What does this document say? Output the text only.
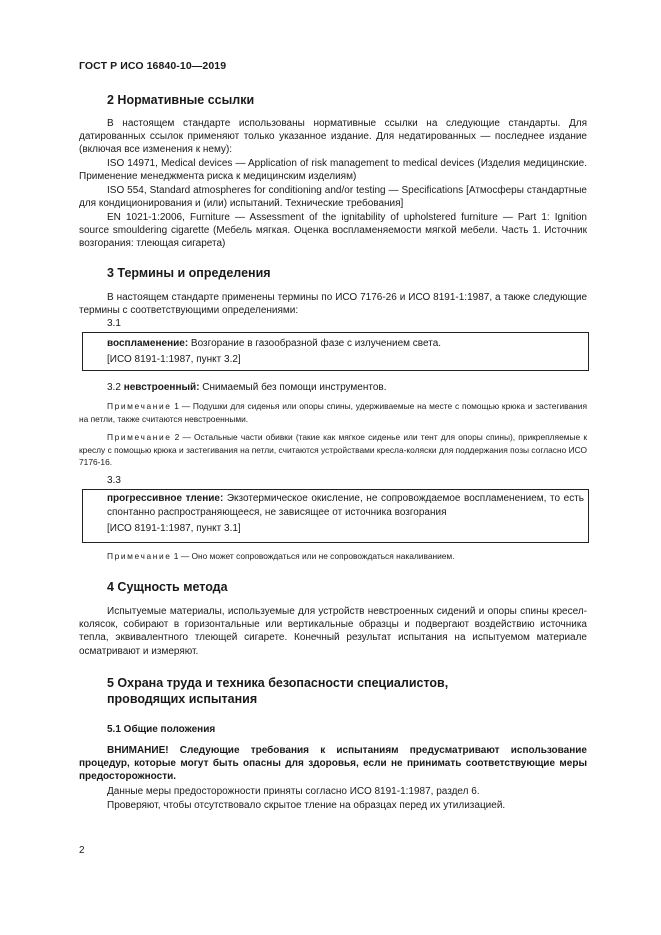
ГОСТ Р ИСО 16840-10—2019
2 Нормативные ссылки
В настоящем стандарте использованы нормативные ссылки на следующие стандарты. Для датированных ссылок применяют только указанное издание. Для недатированных — последнее издание (включая все изменения к нему):
ISO 14971, Medical devices — Application of risk management to medical devices (Изделия медицинские. Применение менеджмента риска к медицинским изделиям)
ISO 554, Standard atmospheres for conditioning and/or testing — Specifications [Атмосферы стандартные для кондиционирования и (или) испытаний. Технические требования]
EN 1021-1:2006, Furniture — Assessment of the ignitability of upholstered furniture — Part 1: Ignition source smouldering cigarette (Мебель мягкая. Оценка воспламеняемости мягкой мебели. Часть 1. Источник возгорания: тлеющая сигарета)
3 Термины и определения
В настоящем стандарте применены термины по ИСО 7176-26 и ИСО 8191-1:1987, а также следующие термины с соответствующими определениями:
3.1
воспламенение: Возгорание в газообразной фазе с излучением света.
[ИСО 8191-1:1987, пункт 3.2]
3.2 невстроенный: Снимаемый без помощи инструментов.
Примечание 1 — Подушки для сиденья или опоры спины, удерживаемые на месте с помощью крюка и застегивания на петли, также считаются невстроенными.
Примечание 2 — Остальные части обивки (такие как мягкое сиденье или тент для опоры спины), прикрепляемые к креслу с помощью крюка и застегивания на петли, считаются устройствами кресла-коляски для поддержания позы согласно ИСО 7176-16.
3.3
прогрессивное тление: Экзотермическое окисление, не сопровождаемое воспламенением, то есть спонтанно распространяющееся, не зависящее от источника возгорания
[ИСО 8191-1:1987, пункт 3.1]
Примечание 1 — Оно может сопровождаться или не сопровождаться накаливанием.
4 Сущность метода
Испытуемые материалы, используемые для устройств невстроенных сидений и опоры спины кресел-колясок, собирают в горизонтальные или вертикальные образцы и подвергают воздействию источника тепла, эквивалентного тлеющей сигарете. Конечный результат испытания на испытуемом материале осматривают и измеряют.
5 Охрана труда и техника безопасности специалистов,
проводящих испытания
5.1 Общие положения
ВНИМАНИЕ! Следующие требования к испытаниям предусматривают использование процедур, которые могут быть опасны для здоровья, если не принимать соответствующие меры предосторожности.
Данные меры предосторожности приняты согласно ИСО 8191-1:1987, раздел 6.
Проверяют, чтобы отсутствовало скрытое тление на образцах перед их утилизацией.
2
